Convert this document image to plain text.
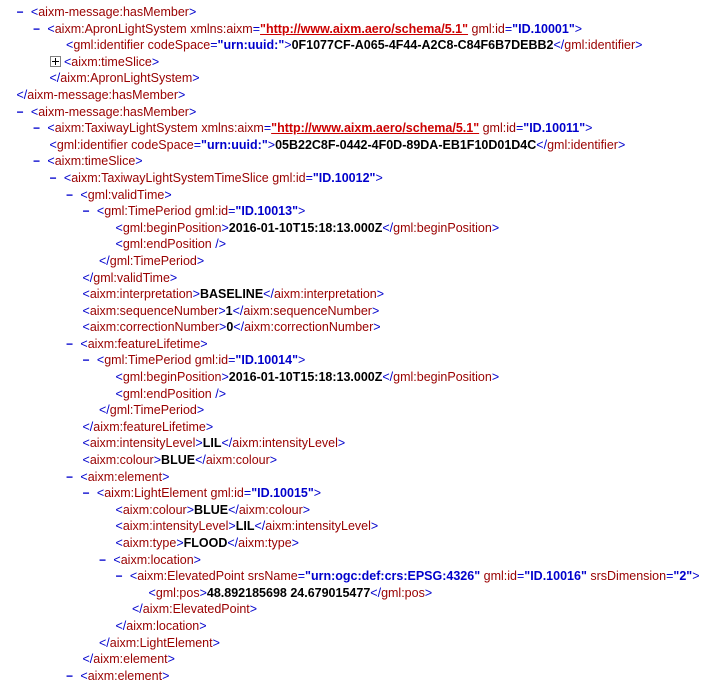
− <aixm-message:hasMember>
− <aixm:ApronLightSystem xmlns:aixm="http://www.aixm.aero/schema/5.1" gml:id="ID.10001">
<gml:identifier codeSpace="urn:uuid:">0F1077CF-A065-4F44-A2C8-C84F6B7DEBB2</gml:identifier>
<aixm:timeSlice>
</aixm:ApronLightSystem>
</aixm-message:hasMember>
− <aixm-message:hasMember>
− <aixm:TaxiwayLightSystem xmlns:aixm="http://www.aixm.aero/schema/5.1" gml:id="ID.10011">
<gml:identifier codeSpace="urn:uuid:">05B22C8F-0442-4F0D-89DA-EB1F10D01D4C</gml:identifier>
− <aixm:timeSlice>
− <aixm:TaxiwayLightSystemTimeSlice gml:id="ID.10012">
− <gml:validTime>
− <gml:TimePeriod gml:id="ID.10013">
<gml:beginPosition>2016-01-10T15:18:13.000Z</gml:beginPosition>
<gml:endPosition />
</gml:TimePeriod>
</gml:validTime>
<aixm:interpretation>BASELINE</aixm:interpretation>
<aixm:sequenceNumber>1</aixm:sequenceNumber>
<aixm:correctionNumber>0</aixm:correctionNumber>
− <aixm:featureLifetime>
− <gml:TimePeriod gml:id="ID.10014">
<gml:beginPosition>2016-01-10T15:18:13.000Z</gml:beginPosition>
<gml:endPosition />
</gml:TimePeriod>
</aixm:featureLifetime>
<aixm:intensityLevel>LIL</aixm:intensityLevel>
<aixm:colour>BLUE</aixm:colour>
− <aixm:element>
− <aixm:LightElement gml:id="ID.10015">
<aixm:colour>BLUE</aixm:colour>
<aixm:intensityLevel>LIL</aixm:intensityLevel>
<aixm:type>FLOOD</aixm:type>
− <aixm:location>
− <aixm:ElevatedPoint srsName="urn:ogc:def:crs:EPSG:4326" gml:id="ID.10016" srsDimension="2">
<gml:pos>48.892185698 24.679015477</gml:pos>
</aixm:ElevatedPoint>
</aixm:location>
</aixm:LightElement>
</aixm:element>
− <aixm:element>
